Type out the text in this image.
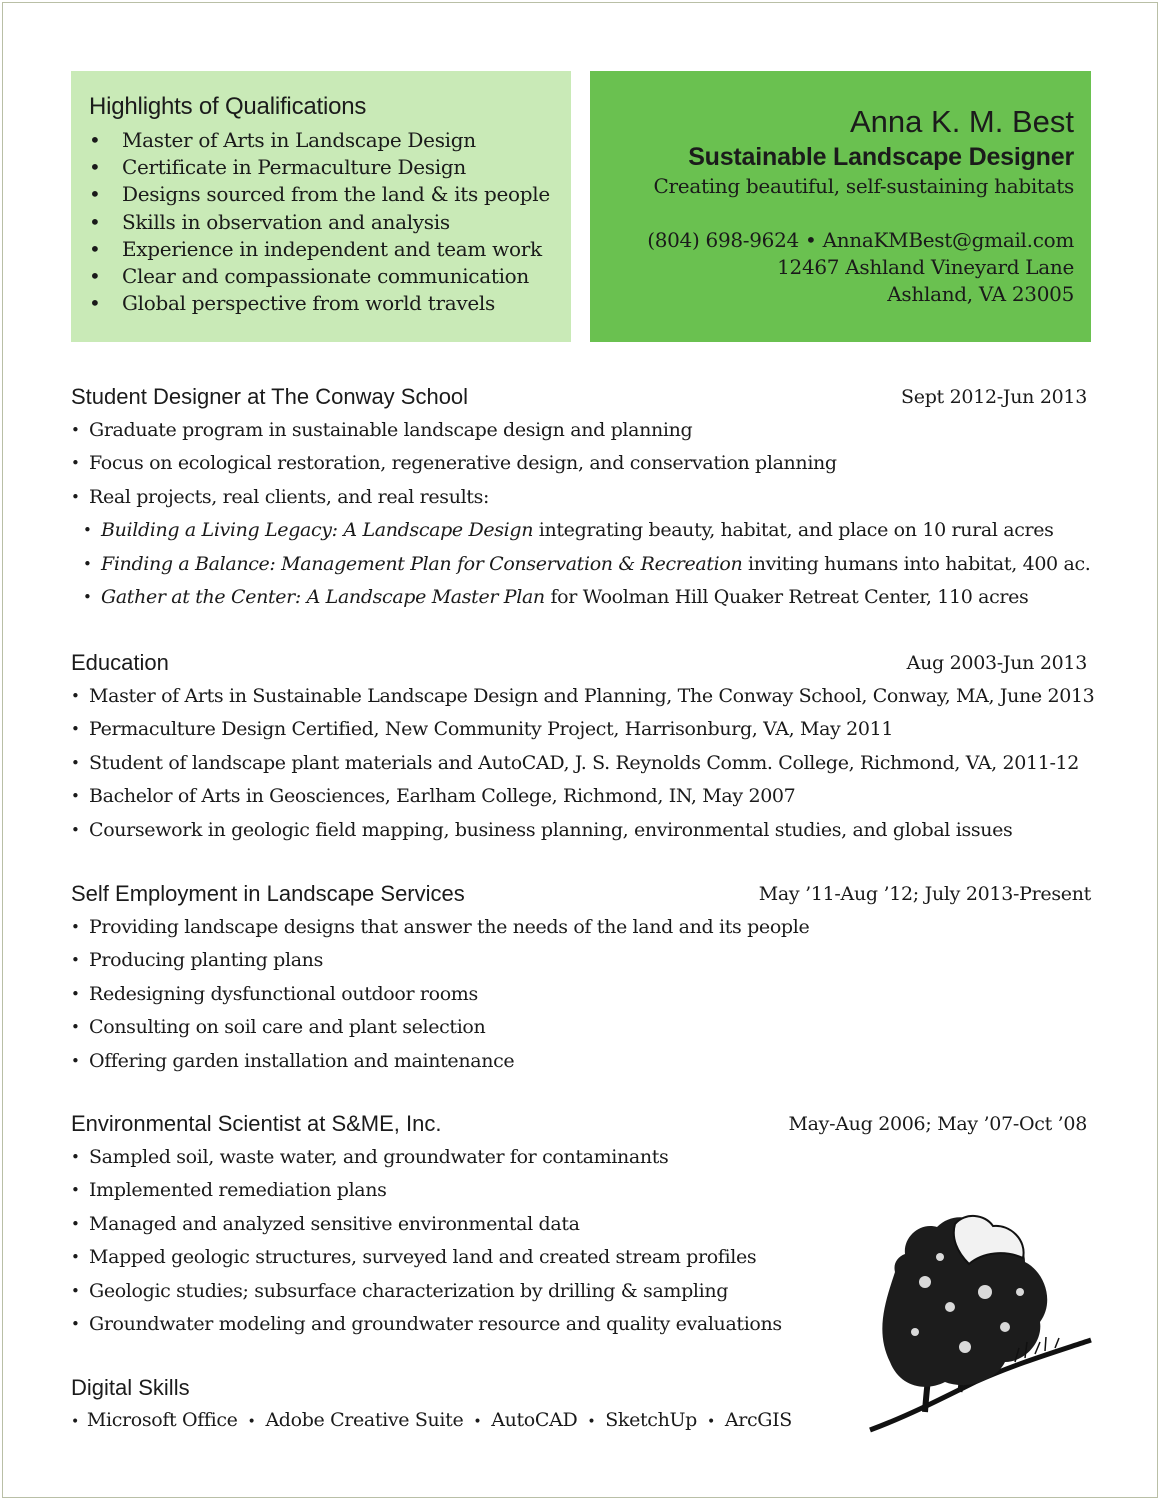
Highlights of Qualifications
• Master of Arts in Landscape Design
• Certificate in Permaculture Design
• Designs sourced from the land & its people
• Skills in observation and analysis
• Experience in independent and team work
• Clear and compassionate communication
• Global perspective from world travels
Anna K. M. Best
Sustainable Landscape Designer
Creating beautiful, self-sustaining habitats
(804) 698-9624 • AnnaKMBest@gmail.com
12467 Ashland Vineyard Lane
Ashland, VA 23005
Student Designer at The Conway School	Sept 2012-Jun 2013
• Graduate program in sustainable landscape design and planning
• Focus on ecological restoration, regenerative design, and conservation planning
• Real projects, real clients, and real results:
• Building a Living Legacy: A Landscape Design integrating beauty, habitat, and place on 10 rural acres
• Finding a Balance: Management Plan for Conservation & Recreation inviting humans into habitat, 400 ac.
• Gather at the Center: A Landscape Master Plan for Woolman Hill Quaker Retreat Center, 110 acres
Education	Aug 2003-Jun 2013
• Master of Arts in Sustainable Landscape Design and Planning, The Conway School, Conway, MA, June 2013
• Permaculture Design Certified, New Community Project, Harrisonburg, VA, May 2011
• Student of landscape plant materials and AutoCAD, J. S. Reynolds Comm. College, Richmond, VA, 2011-12
• Bachelor of Arts in Geosciences, Earlham College, Richmond, IN, May 2007
• Coursework in geologic field mapping, business planning, environmental studies, and global issues
Self Employment in Landscape Services	May ’11-Aug ’12; July 2013-Present
• Providing landscape designs that answer the needs of the land and its people
• Producing planting plans
• Redesigning dysfunctional outdoor rooms
• Consulting on soil care and plant selection
• Offering garden installation and maintenance
Environmental Scientist at S&ME, Inc.	May-Aug 2006; May ’07-Oct ’08
• Sampled soil, waste water, and groundwater for contaminants
• Implemented remediation plans
• Managed and analyzed sensitive environmental data
• Mapped geologic structures, surveyed land and created stream profiles
• Geologic studies; subsurface characterization by drilling & sampling
• Groundwater modeling and groundwater resource and quality evaluations
Digital Skills
• Microsoft Office • Adobe Creative Suite • AutoCAD • SketchUp • ArcGIS
